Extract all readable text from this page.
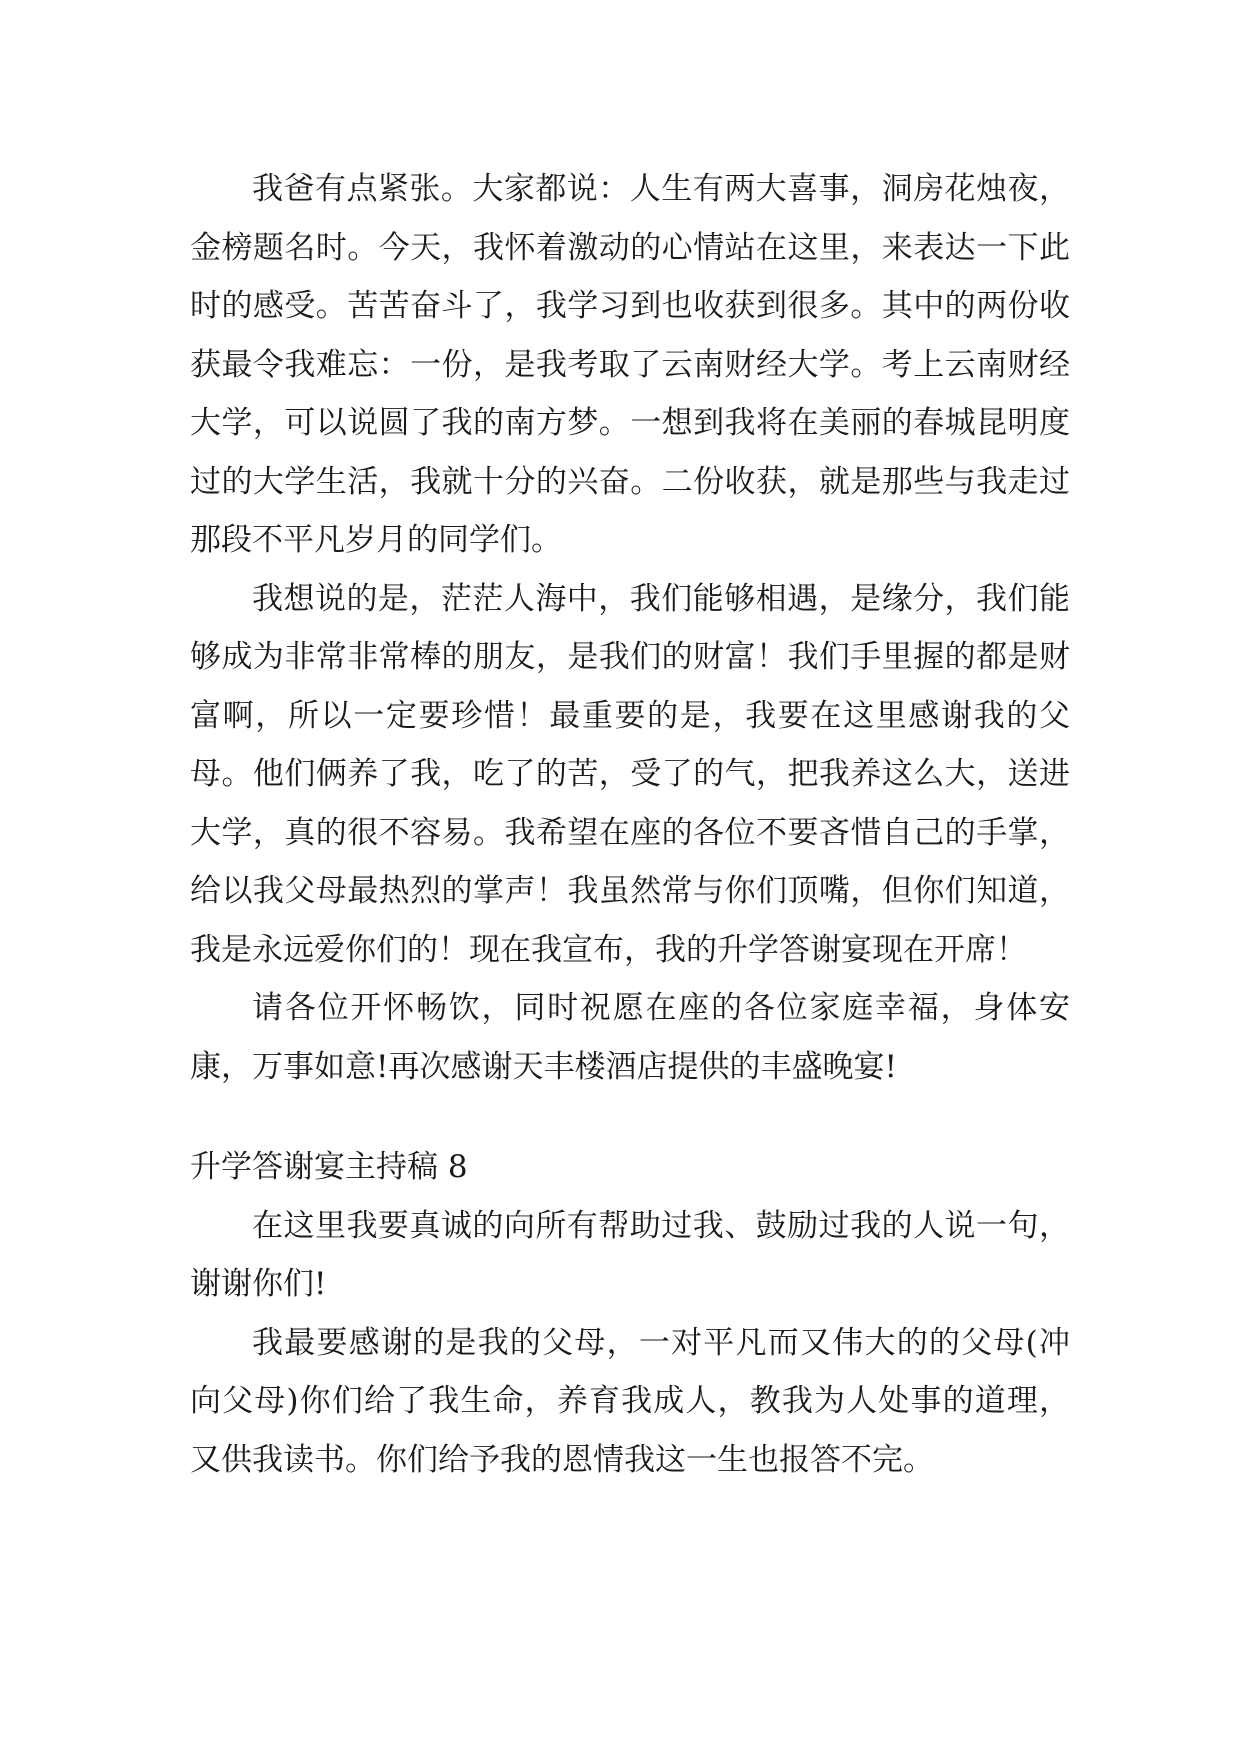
我爸有点紧张。大家都说：人生有两大喜事，洞房花烛夜，金榜题名时。今天，我怀着激动的心情站在这里，来表达一下此时的感受。苦苦奋斗了，我学习到也收获到很多。其中的两份收获最令我难忘：一份，是我考取了云南财经大学。考上云南财经大学，可以说圆了我的南方梦。一想到我将在美丽的春城昆明度过的大学生活，我就十分的兴奋。二份收获，就是那些与我走过那段不平凡岁月的同学们。

我想说的是，茫茫人海中，我们能够相遇，是缘分，我们能够成为非常非常棒的朋友，是我们的财富！我们手里握的都是财富啊，所以一定要珍惜！最重要的是，我要在这里感谢我的父母。他们俩养了我，吃了的苦，受了的气，把我养这么大，送进大学，真的很不容易。我希望在座的各位不要吝惜自己的手掌，给以我父母最热烈的掌声！我虽然常与你们顶嘴，但你们知道，我是永远爱你们的！现在我宣布，我的升学答谢宴现在开席！

请各位开怀畅饮，同时祝愿在座的各位家庭幸福，身体安康，万事如意!再次感谢天丰楼酒店提供的丰盛晚宴!

升学答谢宴主持稿 8

在这里我要真诚的向所有帮助过我、鼓励过我的人说一句，谢谢你们!

我最要感谢的是我的父母，一对平凡而又伟大的的父母(冲向父母)你们给了我生命，养育我成人，教我为人处事的道理，又供我读书。你们给予我的恩情我这一生也报答不完。
